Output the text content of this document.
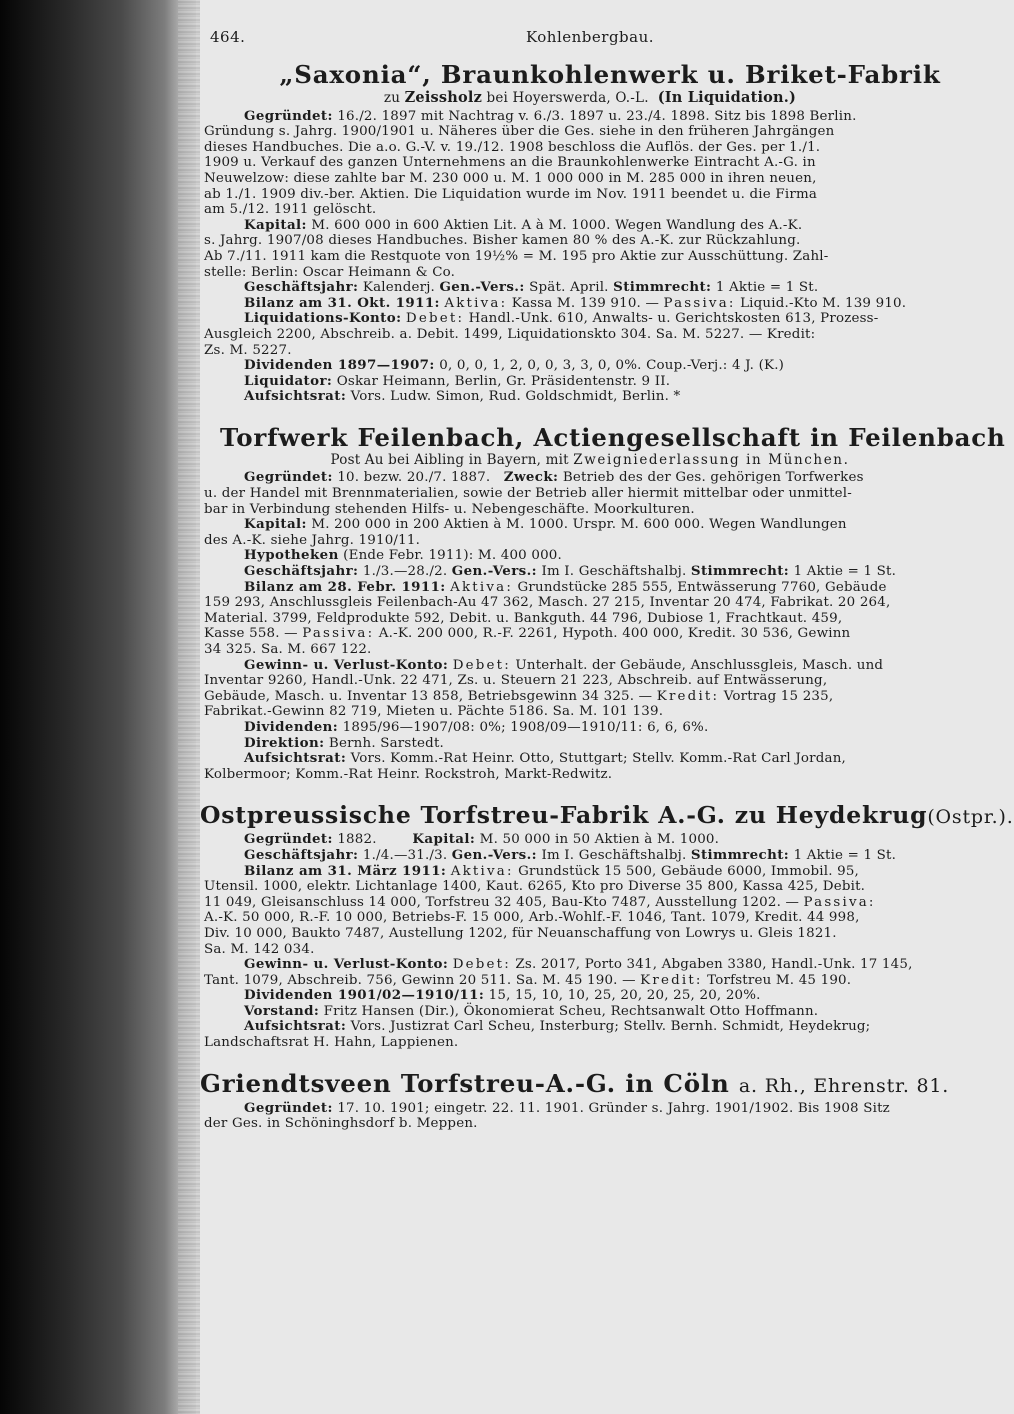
464.	Kohlenbergbau.
„Saxonia“, Braunkohlenwerk u. Briket-Fabrik
zu Zeissholz bei Hoyerswerda, O.-L. (In Liquidation.)

Gegründet: 16./2. 1897 mit Nachtrag v. 6./3. 1897 u. 23./4. 1898. Sitz bis 1898 Berlin.

Gründung s. Jahrg. 1900/1901 u. Näheres über die Ges. siehe in den früheren Jahrgängen

dieses Handbuches. Die a.o. G.-V. v. 19./12. 1908 beschloss die Auflös. der Ges. per 1./1.

1909 u. Verkauf des ganzen Unternehmens an die Braunkohlenwerke Eintracht A.-G. in

Neuwelzow: diese zahlte bar M. 230 000 u. M. 1 000 000 in M. 285 000 in ihren neuen,

ab 1./1. 1909 div.-ber. Aktien. Die Liquidation wurde im Nov. 1911 beendet u. die Firma

am 5./12. 1911 gelöscht.

Kapital: M. 600 000 in 600 Aktien Lit. A à M. 1000. Wegen Wandlung des A.-K.

s. Jahrg. 1907/08 dieses Handbuches. Bisher kamen 80 % des A.-K. zur Rückzahlung.

Ab 7./11. 1911 kam die Restquote von 19½% = M. 195 pro Aktie zur Ausschüttung. Zahl-

stelle: Berlin: Oscar Heimann & Co.

Geschäftsjahr: Kalenderj. Gen.-Vers.: Spät. April. Stimmrecht: 1 Aktie = 1 St.

Bilanz am 31. Okt. 1911: Aktiva: Kassa M. 139 910. — Passiva: Liquid.-Kto M. 139 910.

Liquidations-Konto: Debet: Handl.-Unk. 610, Anwalts- u. Gerichtskosten 613, Prozess-

Ausgleich 2200, Abschreib. a. Debit. 1499, Liquidationskto 304. Sa. M. 5227. — Kredit:

Zs. M. 5227.

Dividenden 1897—1907: 0, 0, 0, 1, 2, 0, 0, 3, 3, 0, 0%. Coup.-Verj.: 4 J. (K.)

Liquidator: Oskar Heimann, Berlin, Gr. Präsidentenstr. 9 II.

Aufsichtsrat: Vors. Ludw. Simon, Rud. Goldschmidt, Berlin. *

Torfwerk Feilenbach, Actiengesellschaft in Feilenbach
Post Au bei Aibling in Bayern, mit Zweigniederlassung in München.

Gegründet: 10. bezw. 20./7. 1887. Zweck: Betrieb des der Ges. gehörigen Torfwerkes

u. der Handel mit Brennmaterialien, sowie der Betrieb aller hiermit mittelbar oder unmittel-

bar in Verbindung stehenden Hilfs- u. Nebengeschäfte. Moorkulturen.

Kapital: M. 200 000 in 200 Aktien à M. 1000. Urspr. M. 600 000. Wegen Wandlungen

des A.-K. siehe Jahrg. 1910/11.

Hypotheken (Ende Febr. 1911): M. 400 000.

Geschäftsjahr: 1./3.—28./2. Gen.-Vers.: Im I. Geschäftshalbj. Stimmrecht: 1 Aktie = 1 St.

Bilanz am 28. Febr. 1911: Aktiva: Grundstücke 285 555, Entwässerung 7760, Gebäude

159 293, Anschlussgleis Feilenbach-Au 47 362, Masch. 27 215, Inventar 20 474, Fabrikat. 20 264,

Material. 3799, Feldprodukte 592, Debit. u. Bankguth. 44 796, Dubiose 1, Frachtkaut. 459,

Kasse 558. — Passiva: A.-K. 200 000, R.-F. 2261, Hypoth. 400 000, Kredit. 30 536, Gewinn

34 325. Sa. M. 667 122.

Gewinn- u. Verlust-Konto: Debet: Unterhalt. der Gebäude, Anschlussgleis, Masch. und

Inventar 9260, Handl.-Unk. 22 471, Zs. u. Steuern 21 223, Abschreib. auf Entwässerung,

Gebäude, Masch. u. Inventar 13 858, Betriebsgewinn 34 325. — Kredit: Vortrag 15 235,

Fabrikat.-Gewinn 82 719, Mieten u. Pächte 5186. Sa. M. 101 139.

Dividenden: 1895/96—1907/08: 0%; 1908/09—1910/11: 6, 6, 6%.

Direktion: Bernh. Sarstedt.

Aufsichtsrat: Vors. Komm.-Rat Heinr. Otto, Stuttgart; Stellv. Komm.-Rat Carl Jordan,

Kolbermoor; Komm.-Rat Heinr. Rockstroh, Markt-Redwitz.

Ostpreussische Torfstreu-Fabrik A.-G. zu Heydekrug(Ostpr.).

Gegründet: 1882.	Kapital: M. 50 000 in 50 Aktien à M. 1000.

Geschäftsjahr: 1./4.—31./3. Gen.-Vers.: Im I. Geschäftshalbj. Stimmrecht: 1 Aktie = 1 St.

Bilanz am 31. März 1911: Aktiva: Grundstück 15 500, Gebäude 6000, Immobil. 95,

Utensil. 1000, elektr. Lichtanlage 1400, Kaut. 6265, Kto pro Diverse 35 800, Kassa 425, Debit.

11 049, Gleisanschluss 14 000, Torfstreu 32 405, Bau-Kto 7487, Ausstellung 1202. — Passiva:

A.-K. 50 000, R.-F. 10 000, Betriebs-F. 15 000, Arb.-Wohlf.-F. 1046, Tant. 1079, Kredit. 44 998,

Div. 10 000, Baukto 7487, Austellung 1202, für Neuanschaffung von Lowrys u. Gleis 1821.

Sa. M. 142 034.

Gewinn- u. Verlust-Konto: Debet: Zs. 2017, Porto 341, Abgaben 3380, Handl.-Unk. 17 145,

Tant. 1079, Abschreib. 756, Gewinn 20 511. Sa. M. 45 190. — Kredit: Torfstreu M. 45 190.

Dividenden 1901/02—1910/11: 15, 15, 10, 10, 25, 20, 20, 25, 20, 20%.

Vorstand: Fritz Hansen (Dir.), Ökonomierat Scheu, Rechtsanwalt Otto Hoffmann.

Aufsichtsrat: Vors. Justizrat Carl Scheu, Insterburg; Stellv. Bernh. Schmidt, Heydekrug;

Landschaftsrat H. Hahn, Lappienen.

Griendtsveen Torfstreu-A.-G. in Cöln a. Rh., Ehrenstr. 81.

Gegründet: 17. 10. 1901; eingetr. 22. 11. 1901. Gründer s. Jahrg. 1901/1902. Bis 1908 Sitz

der Ges. in Schöninghsdorf b. Meppen.
